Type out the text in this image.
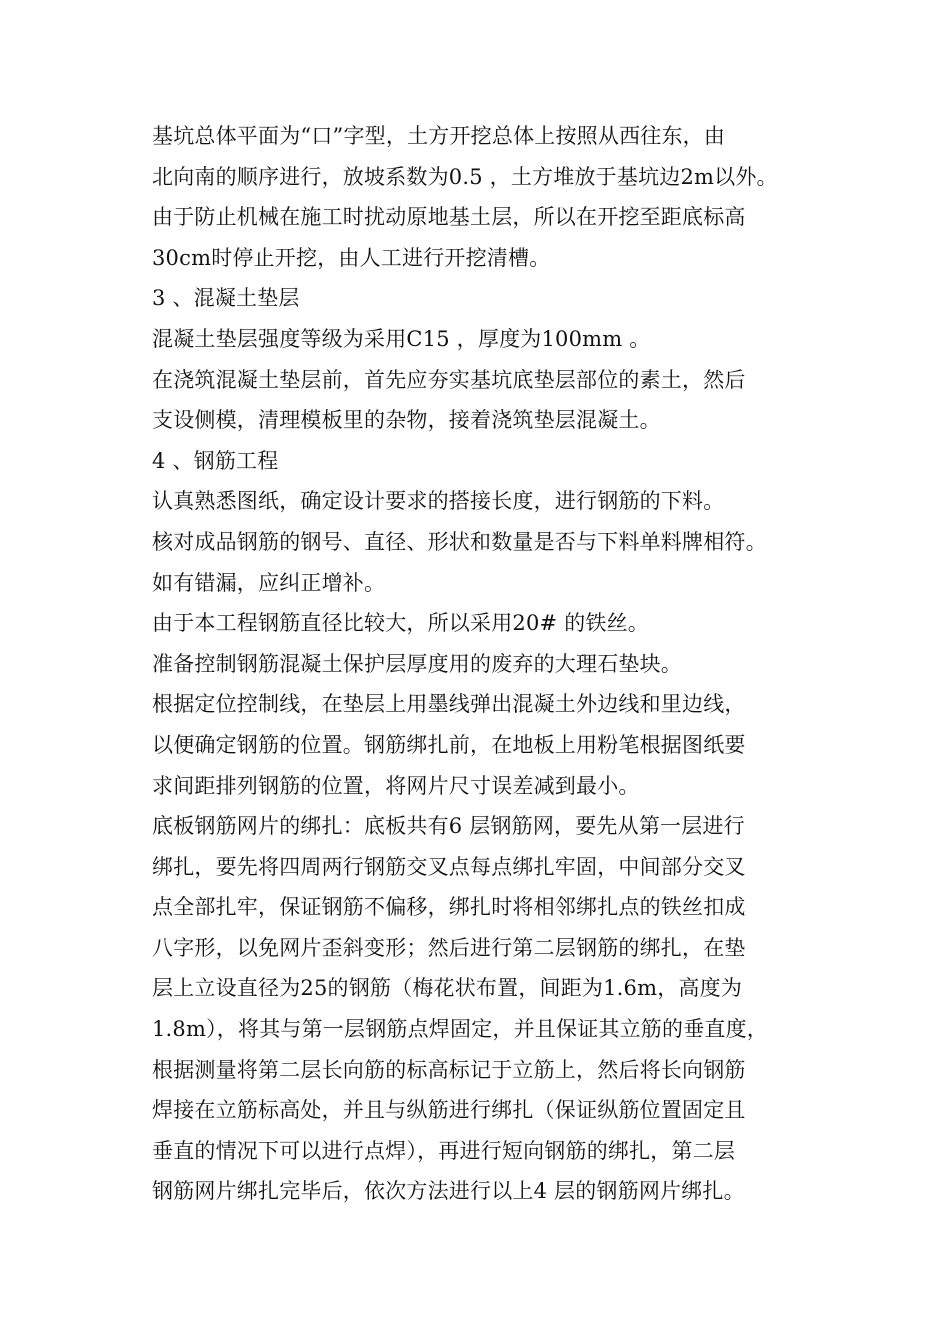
基坑总体平面为“口”字型，土方开挖总体上按照从西往东，由
北向南的顺序进行，放坡系数为0.5 ，土方堆放于基坑边2m以外。
由于防止机械在施工时扰动原地基土层，所以在开挖至距底标高
30cm时停止开挖，由人工进行开挖清槽。
3 、混凝土垫层
混凝土垫层强度等级为采用C15 ，厚度为100mm 。
在浇筑混凝土垫层前，首先应夯实基坑底垫层部位的素土，然后
支设侧模，清理模板里的杂物，接着浇筑垫层混凝土。
4 、钢筋工程
认真熟悉图纸，确定设计要求的搭接长度，进行钢筋的下料。
核对成品钢筋的钢号、直径、形状和数量是否与下料单料牌相符。
如有错漏，应纠正增补。
由于本工程钢筋直径比较大，所以采用20# 的铁丝。
准备控制钢筋混凝土保护层厚度用的废弃的大理石垫块。
根据定位控制线，在垫层上用墨线弹出混凝土外边线和里边线，
以便确定钢筋的位置。钢筋绑扎前，在地板上用粉笔根据图纸要
求间距排列钢筋的位置，将网片尺寸误差减到最小。
底板钢筋网片的绑扎：底板共有6 层钢筋网，要先从第一层进行
绑扎，要先将四周两行钢筋交叉点每点绑扎牢固，中间部分交叉
点全部扎牢，保证钢筋不偏移，绑扎时将相邻绑扎点的铁丝扣成
八字形，以免网片歪斜变形；然后进行第二层钢筋的绑扎，在垫
层上立设直径为25的钢筋（梅花状布置，间距为1.6m，高度为
1.8m），将其与第一层钢筋点焊固定，并且保证其立筋的垂直度，
根据测量将第二层长向筋的标高标记于立筋上，然后将长向钢筋
焊接在立筋标高处，并且与纵筋进行绑扎（保证纵筋位置固定且
垂直的情况下可以进行点焊），再进行短向钢筋的绑扎，第二层
钢筋网片绑扎完毕后，依次方法进行以上4 层的钢筋网片绑扎。
